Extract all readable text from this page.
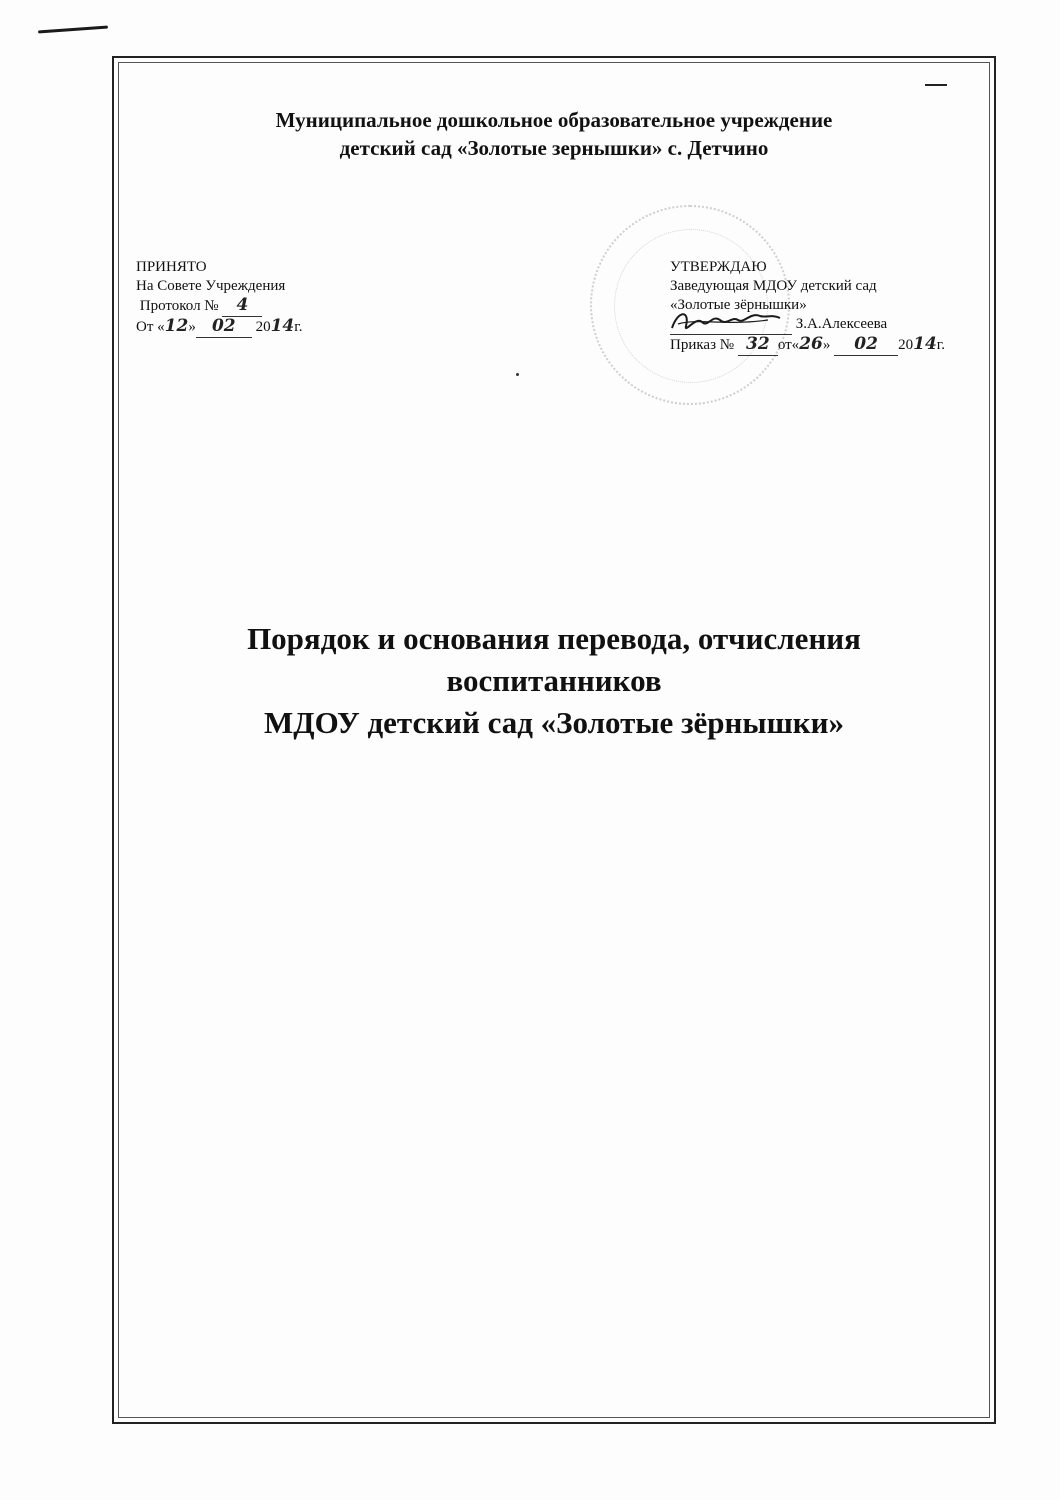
Муниципальное дошкольное образовательное учреждение
детский сад «Золотые зернышки» с. Детчино
ПРИНЯТО
На Совете Учреждения
Протокол № 4
От «12» 02 2014г.
УТВЕРЖДАЮ
Заведующая МДОУ детский сад
«Золотые зёрнышки»
З.А.Алексеева
Приказ № 32 от«26» 02 2014г.
Порядок и основания перевода, отчисления
воспитанников
МДОУ детский сад «Золотые зёрнышки»
